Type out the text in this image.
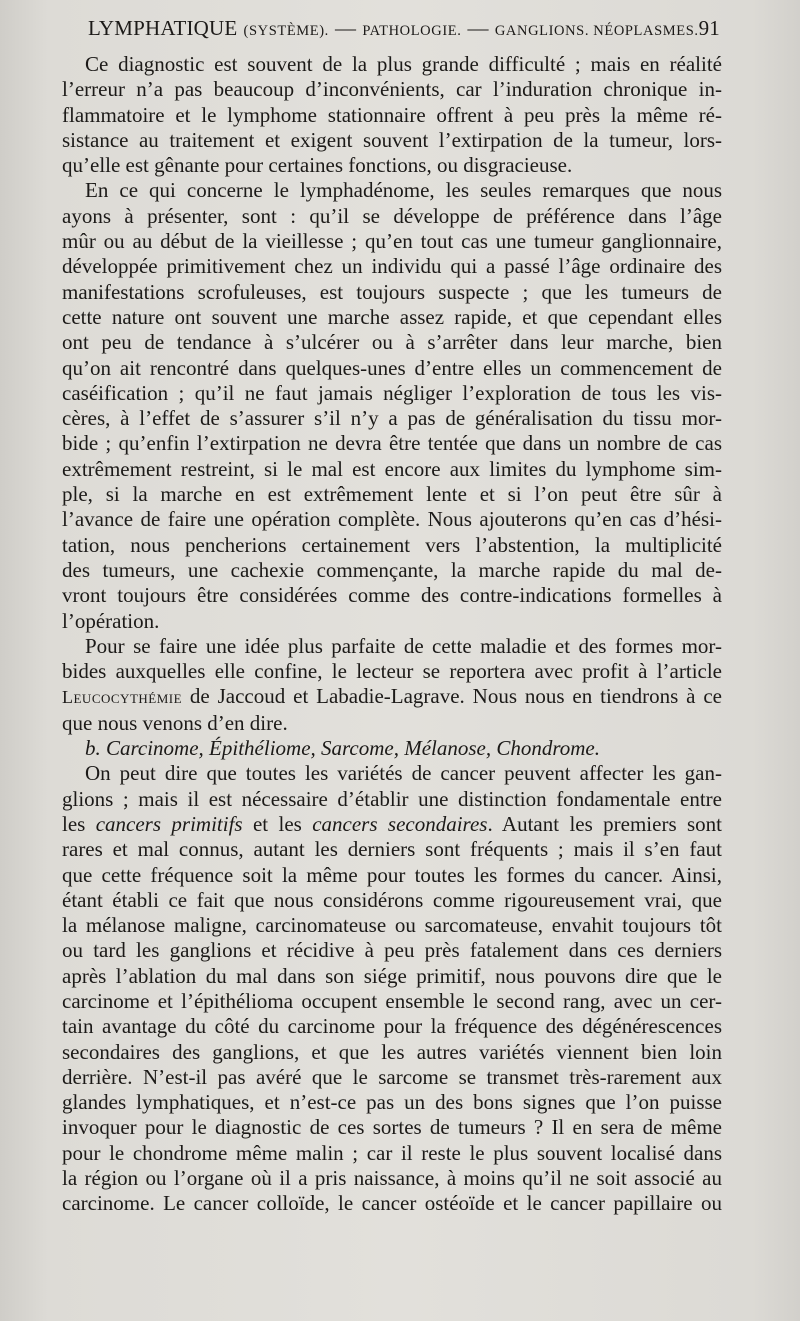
LYMPHATIQUE (SYSTÈME). — PATHOLOGIE. — GANGLIONS. NÉOPLASMES. 91
Ce diagnostic est souvent de la plus grande difficulté ; mais en réalité
l’erreur n’a pas beaucoup d’inconvénients, car l’induration chronique in-
flammatoire et le lymphome stationnaire offrent à peu près la même ré-
sistance au traitement et exigent souvent l’extirpation de la tumeur, lors-
qu’elle est gênante pour certaines fonctions, ou disgracieuse.
En ce qui concerne le lymphadénome, les seules remarques que nous
ayons à présenter, sont : qu’il se développe de préférence dans l’âge
mûr ou au début de la vieillesse ; qu’en tout cas une tumeur ganglionnaire,
développée primitivement chez un individu qui a passé l’âge ordinaire des
manifestations scrofuleuses, est toujours suspecte ; que les tumeurs de
cette nature ont souvent une marche assez rapide, et que cependant elles
ont peu de tendance à s’ulcérer ou à s’arrêter dans leur marche, bien
qu’on ait rencontré dans quelques-unes d’entre elles un commencement de
caséification ; qu’il ne faut jamais négliger l’exploration de tous les vis-
cères, à l’effet de s’assurer s’il n’y a pas de généralisation du tissu mor-
bide ; qu’enfin l’extirpation ne devra être tentée que dans un nombre de cas
extrêmement restreint, si le mal est encore aux limites du lymphome sim-
ple, si la marche en est extrêmement lente et si l’on peut être sûr à
l’avance de faire une opération complète. Nous ajouterons qu’en cas d’hési-
tation, nous pencherions certainement vers l’abstention, la multiplicité
des tumeurs, une cachexie commençante, la marche rapide du mal de-
vront toujours être considérées comme des contre-indications formelles à
l’opération.
Pour se faire une idée plus parfaite de cette maladie et des formes mor-
bides auxquelles elle confine, le lecteur se reportera avec profit à l’article
Leucocythémie de Jaccoud et Labadie-Lagrave. Nous nous en tiendrons à ce
que nous venons d’en dire.
b. Carcinome, Épithéliome, Sarcome, Mélanose, Chondrome.
On peut dire que toutes les variétés de cancer peuvent affecter les gan-
glions ; mais il est nécessaire d’établir une distinction fondamentale entre
les cancers primitifs et les cancers secondaires. Autant les premiers sont
rares et mal connus, autant les derniers sont fréquents ; mais il s’en faut
que cette fréquence soit la même pour toutes les formes du cancer. Ainsi,
étant établi ce fait que nous considérons comme rigoureusement vrai, que
la mélanose maligne, carcinomateuse ou sarcomateuse, envahit toujours tôt
ou tard les ganglions et récidive à peu près fatalement dans ces derniers
après l’ablation du mal dans son siége primitif, nous pouvons dire que le
carcinome et l’épithélioma occupent ensemble le second rang, avec un cer-
tain avantage du côté du carcinome pour la fréquence des dégénérescences
secondaires des ganglions, et que les autres variétés viennent bien loin
derrière. N’est-il pas avéré que le sarcome se transmet très-rarement aux
glandes lymphatiques, et n’est-ce pas un des bons signes que l’on puisse
invoquer pour le diagnostic de ces sortes de tumeurs ? Il en sera de même
pour le chondrome même malin ; car il reste le plus souvent localisé dans
la région ou l’organe où il a pris naissance, à moins qu’il ne soit associé au
carcinome. Le cancer colloïde, le cancer ostéoïde et le cancer papillaire ou
